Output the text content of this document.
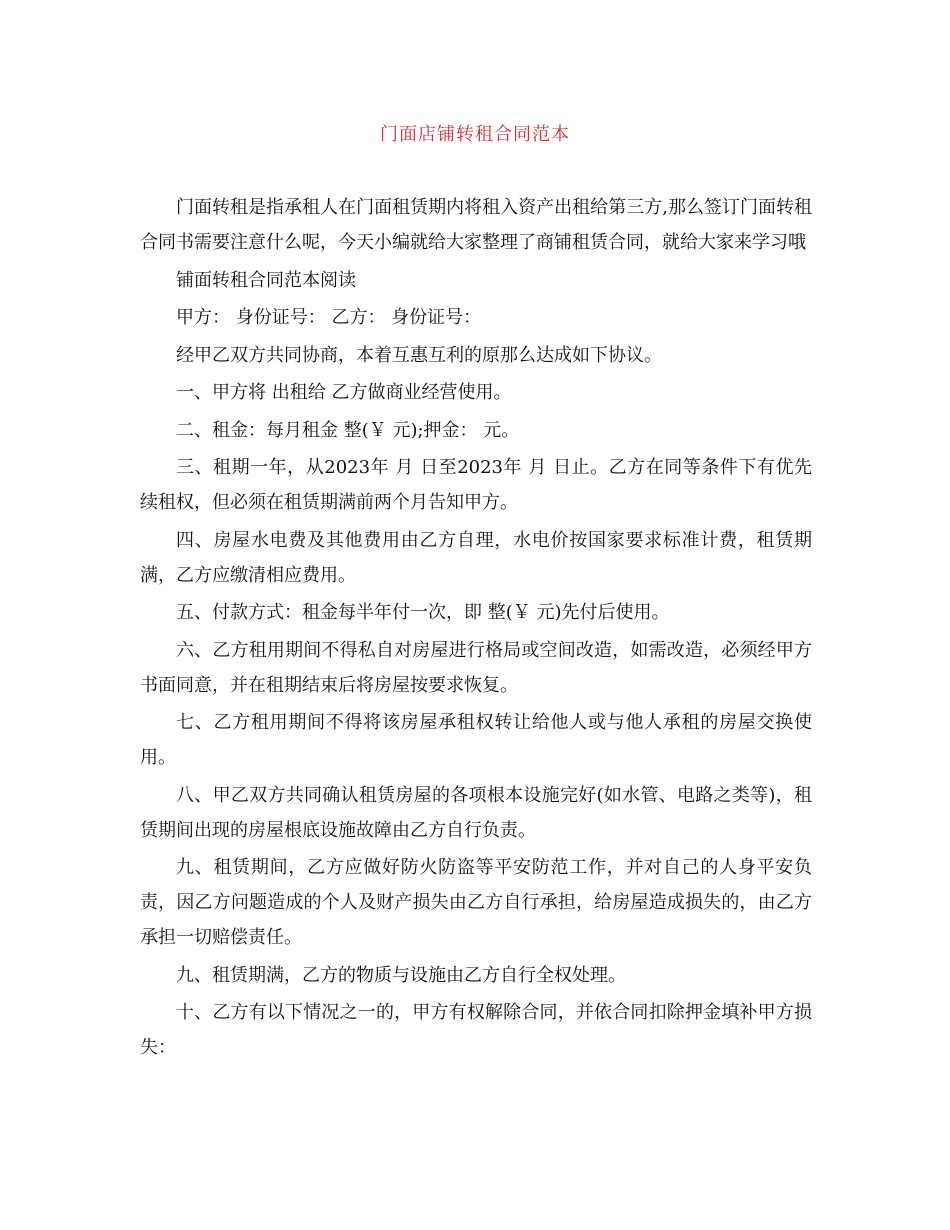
门面店铺转租合同范本

门面转租是指承租人在门面租赁期内将租入资产出租给第三方,那么签订门面转租合同书需要注意什么呢，今天小编就给大家整理了商铺租赁合同，就给大家来学习哦

铺面转租合同范本阅读

甲方： 身份证号： 乙方： 身份证号：

经甲乙双方共同协商，本着互惠互利的原那么达成如下协议。

一、甲方将 出租给 乙方做商业经营使用。

二、租金：每月租金 整(￥ 元);押金： 元。

三、租期一年，从2023年 月 日至2023年 月 日止。乙方在同等条件下有优先续租权，但必须在租赁期满前两个月告知甲方。

四、房屋水电费及其他费用由乙方自理，水电价按国家要求标准计费，租赁期满，乙方应缴清相应费用。

五、付款方式：租金每半年付一次，即 整(￥ 元)先付后使用。

六、乙方租用期间不得私自对房屋进行格局或空间改造，如需改造，必须经甲方书面同意，并在租期结束后将房屋按要求恢复。

七、乙方租用期间不得将该房屋承租权转让给他人或与他人承租的房屋交换使用。

八、甲乙双方共同确认租赁房屋的各项根本设施完好(如水管、电路之类等)，租赁期间出现的房屋根底设施故障由乙方自行负责。

九、租赁期间，乙方应做好防火防盗等平安防范工作，并对自己的人身平安负责，因乙方问题造成的个人及财产损失由乙方自行承担，给房屋造成损失的，由乙方承担一切赔偿责任。

九、租赁期满，乙方的物质与设施由乙方自行全权处理。

十、乙方有以下情况之一的，甲方有权解除合同，并依合同扣除押金填补甲方损失：
